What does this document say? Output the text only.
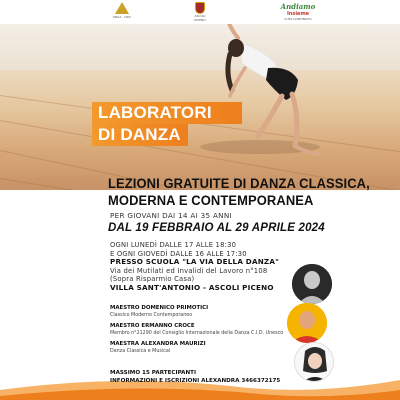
LABORATORI
DI DANZA
DRCA · DDV	ASCOLI PICENO
Andiamo
Insieme
CUSS CONTINUITÀ
LEZIONI GRATUITE DI DANZA CLASSICA,
MODERNA E CONTEMPORANEA
PER GIOVANI DAI 14 AI 35 ANNI
DAL 19 FEBBRAIO AL 29 APRILE 2024
OGNI LUNEDÌ DALLE 17 ALLE 18:30
E OGNI GIOVEDÌ DALLE 16 ALLE 17:30
PRESSO SCUOLA "LA VIA DELLA DANZA"
Via dei Mutilati ed Invalidi del Lavoro n°108
(Sopra Risparmio Casa)
VILLA SANT'ANTONIO - ASCOLI PICENO
MAESTRO DOMENICO PRIMOTICI
Classico Moderno Contemporaneo
MAESTRO ERMANNO CROCE
Membro n°21290 del Consiglio Internazionale della Danza C.I.D. Unesco
MAESTRA ALEXANDRA MAURIZI
Danza Classica e Musical
MASSIMO 15 PARTECIPANTI
INFORMAZIONI E ISCRIZIONI ALEXANDRA 3466372175
